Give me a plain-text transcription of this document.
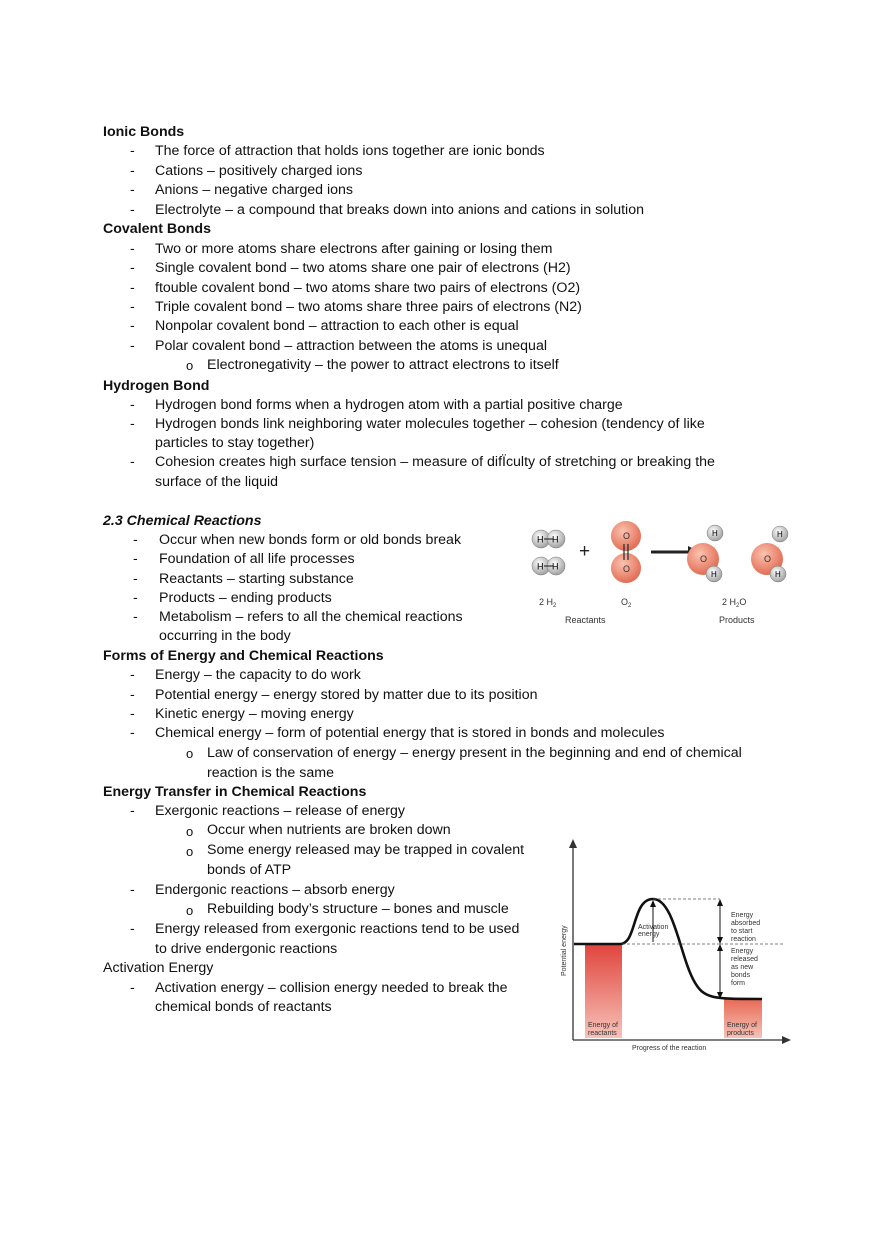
Ionic Bonds
- The force of attraction that holds ions together are ionic bonds
- Cations – positively charged ions
- Anions – negative charged ions
- Electrolyte – a compound that breaks down into anions and cations in solution
Covalent Bonds
- Two or more atoms share electrons after gaining or losing them
- Single covalent bond – two atoms share one pair of electrons (H2)
- ftouble covalent bond – two atoms share two pairs of electrons (O2)
- Triple covalent bond – two atoms share three pairs of electrons (N2)
- Nonpolar covalent bond – attraction to each other is equal
- Polar covalent bond – attraction between the atoms is unequal
o Electronegativity – the power to attract electrons to itself
Hydrogen Bond
- Hydrogen bond forms when a hydrogen atom with a partial positive charge
- Hydrogen bonds link neighboring water molecules together – cohesion (tendency of like
particles to stay together)
- Cohesion creates high surface tension – measure of difÏculty of stretching or breaking the
surface of the liquid
2.3 Chemical Reactions
- Occur when new bonds form or old bonds break
- Foundation of all life processes
- Reactants – starting substance
- Products – ending products
- Metabolism – refers to all the chemical reactions
occurring in the body
H H
H H
+
O
O
O
H
H
O
H
H
2 $H_2$	$O_2$	2 $H_2O$
Reactants	Products
Forms of Energy and Chemical Reactions
- Energy – the capacity to do work
- Potential energy – energy stored by matter due to its position
- Kinetic energy – moving energy
- Chemical energy – form of potential energy that is stored in bonds and molecules
o Law of conservation of energy – energy present in the beginning and end of chemical
reaction is the same
Energy Transfer in Chemical Reactions
- Exergonic reactions – release of energy
o Occur when nutrients are broken down
o Some energy released may be trapped in covalent
bonds of ATP
- Endergonic reactions – absorb energy
o Rebuilding body’s structure – bones and muscle
- Energy released from exergonic reactions tend to be used
to drive endergonic reactions
Activation Energy
- Activation energy – collision energy needed to break the
chemical bonds of reactants
Activation
energy
Energy
absorbed
to start
reaction
Energy
released
as new
bonds
form
Energy of
reactants
Energy of
products
Potential energy
Progress of the reaction
